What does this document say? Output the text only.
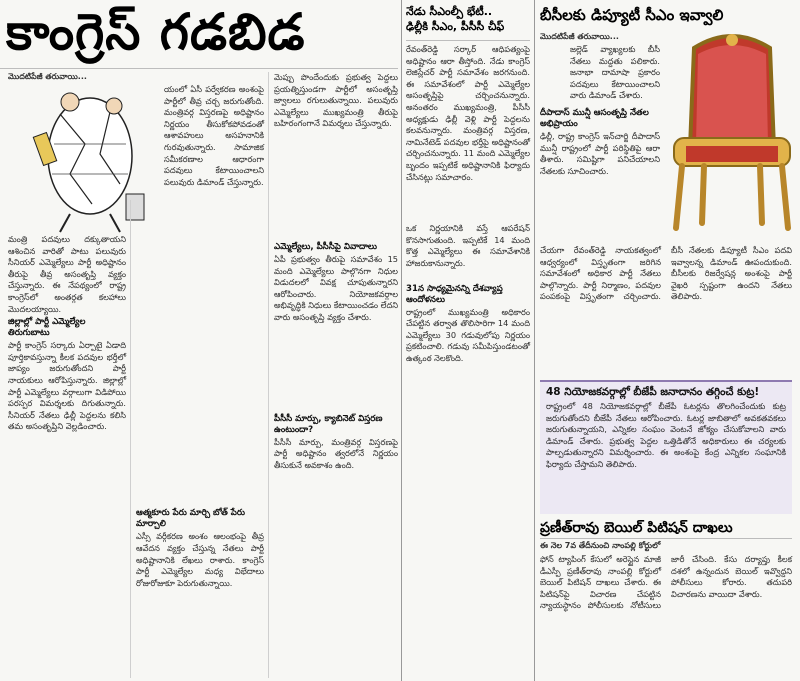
కాంగ్రెస్ గడబిడ
మొదటిపేజీ తరువాయి...

మంత్రి పదవులు దక్కుతాయని ఆశించిన వారితో పాటు పలువురు సీనియర్ ఎమ్మెల్యేలు పార్టీ అధిష్టానం తీరుపై తీవ్ర అసంతృప్తి వ్యక్తం చేస్తున్నారు. ఈ నేపథ్యంలో రాష్ట్ర కాంగ్రెస్‌లో అంతర్గత కలహాలు మొదలయ్యాయి.

జిల్లాల్లో పార్టీ ఎమ్మెల్యేల తిరుగుబాటు

పార్టీ కాంగ్రెస్ సర్కారు ఏర్పాటై ఏడాది పూర్తికావస్తున్నా కీలక పదవుల భర్తీలో జాప్యం జరుగుతోందని పార్టీ నాయకులు ఆరోపిస్తున్నారు. జిల్లాల్లో పార్టీ ఎమ్మెల్యేలు వర్గాలుగా విడిపోయి పరస్పర విమర్శలకు దిగుతున్నారు. సీనియర్ నేతలు ఢిల్లీ పెద్దలను కలిసి తమ అసంతృప్తిని వెల్లడించారు.

యంలో ఏసీ పర్వేకరణ అంశంపై పార్టీలో తీవ్ర చర్చ జరుగుతోంది. మంత్రివర్గ విస్తరణపై అధిష్టానం నిర్ణయం తీసుకోకపోవడంతో ఆశావహులు అసహనానికి గురవుతున్నారు. సామాజిక సమీకరణాల ఆధారంగా పదవులు కేటాయించాలని పలువురు డిమాండ్ చేస్తున్నారు.

ఆత్మకూరు పేరు మార్చి బోత్ పేరు మార్చాలి

ఎస్సీ వర్గీకరణ అంశం ఆలంభంపై తీవ్ర ఆవేదన వ్యక్తం చేస్తున్న నేతలు పార్టీ అధిష్టానానికి లేఖలు రాశారు. కాంగ్రెస్ పార్టీ ఎమ్మెల్యేల మధ్య విభేదాలు రోజురోజుకూ పెరుగుతున్నాయి.

మెప్పు పొందేందుకు ప్రభుత్వ పెద్దలు ప్రయత్నిస్తుండగా పార్టీలో అసంతృప్తి జ్వాలలు రగులుతున్నాయి. పలువురు ఎమ్మెల్యేలు ముఖ్యమంత్రి తీరుపై బహిరంగంగానే విమర్శలు చేస్తున్నారు.

ఎమ్మెల్యేలు, పీసీసీపై వివాదాలు

ఏపీ ప్రభుత్వం తీరుపై సమావేశం 15 మంది ఎమ్మెల్యేలు పాల్గొనగా నిధుల విడుదలలో వివక్ష చూపుతున్నారని ఆరోపించారు. నియోజకవర్గాల అభివృద్ధికి నిధులు కేటాయించడం లేదని వారు అసంతృప్తి వ్యక్తం చేశారు.

పీసీసీ మార్పు, క్యాబినెట్ విస్తరణ ఉంటుందా?

పీసీసీ మార్పు, మంత్రివర్గ విస్తరణపై పార్టీ అధిష్టానం త్వరలోనే నిర్ణయం తీసుకునే అవకాశం ఉంది.

నేడు సీఎంల్పీ భేటీ..
ఢిల్లీకి సీఎం, పీసీసీ చీఫ్

రేవంత్‌రెడ్డి సర్కార్ ఆధిపత్యంపై అధిష్టానం ఆరా తీస్తోంది. నేడు కాంగ్రెస్ లెజిస్లేచర్ పార్టీ సమావేశం జరగనుంది. ఈ సమావేశంలో పార్టీ ఎమ్మెల్యేల అసంతృప్తిపై చర్చించనున్నారు. అనంతరం ముఖ్యమంత్రి, పీసీసీ అధ్యక్షుడు ఢిల్లీ వెళ్లి పార్టీ పెద్దలను కలవనున్నారు. మంత్రివర్గ విస్తరణ, నామినేటెడ్ పదవుల భర్తీపై అధిష్టానంతో చర్చించనున్నారు. 11 మంది ఎమ్మెల్యేల బృందం ఇప్పటికే అధిష్టానానికి ఫిర్యాదు చేసినట్లు సమాచారం.

ఒక నిర్ణయానికి వస్తే ఆపరేషన్ కొనసాగుతుంది. ఇప్పటికే 14 మంది కొత్త ఎమ్మెల్యేలు ఈ సమావేశానికి హాజరుకానున్నారు.

31న సాధ్యమైనన్ని దేశవ్యాప్త ఆందోళనలు

రాష్ట్రంలో ముఖ్యమంత్రి అధికారం చేపట్టిన తర్వాత తొలిసారిగా 14 మంది ఎమ్మెల్యేలు 30 గడువులోపు నిర్ణయం ప్రకటించాలి. గడువు సమీపిస్తుండటంతో ఉత్కంఠ నెలకొంది.

బీసీలకు డిప్యూటీ సీఎం ఇవ్వాలి
మొదటిపేజీ తరువాయి...

జల్లెడ్ వ్యాఖ్యలకు బీసీ నేతలు మద్దతు పలికారు. జనాభా దామాషా ప్రకారం పదవులు కేటాయించాలని వారు డిమాండ్ చేశారు.

దీపాదాస్ మున్షీ ఆసంతృప్తి నేతల అభిప్రాయం

ఢిల్లీ, రాష్ట్ర కాంగ్రెస్ ఇన్‌చార్జి దీపాదాస్ మున్షీ రాష్ట్రంలో పార్టీ పరిస్థితిపై ఆరా తీశారు. సమిష్టిగా పనిచేయాలని నేతలకు సూచించారు.

చేయగా రేవంత్‌రెడ్డి నాయకత్వంలో ఆధ్వర్యంలో విస్తృతంగా జరిగిన సమావేశంలో అధికార పార్టీ నేతలు పాల్గొన్నారు. పార్టీ నిర్మాణం, పదవుల పంపకంపై విస్తృతంగా చర్చించారు. బీసీ నేతలకు డిప్యూటీ సీఎం పదవి ఇవ్వాలన్న డిమాండ్ ఊపందుకుంది. బీసీలకు రిజర్వేషన్ల అంశంపై పార్టీ వైఖరి స్పష్టంగా ఉందని నేతలు తెలిపారు.

48 నియోజకవర్గాల్లో బీజేపీ జనాదానం తగ్గించే కుట్ర!

రాష్ట్రంలో 48 నియోజకవర్గాల్లో బీజేపీ ఓటర్లను తొలగించేందుకు కుట్ర జరుగుతోందని బీజేపీ నేతలు ఆరోపించారు. ఓటర్ల జాబితాలో అవకతవకలు జరుగుతున్నాయని, ఎన్నికల సంఘం వెంటనే జోక్యం చేసుకోవాలని వారు డిమాండ్ చేశారు. ప్రభుత్వ పెద్దల ఒత్తిడితోనే అధికారులు ఈ చర్యలకు పాల్పడుతున్నారని విమర్శించారు. ఈ అంశంపై కేంద్ర ఎన్నికల సంఘానికి ఫిర్యాదు చేస్తామని తెలిపారు.

ప్రణీత్‌రావు బెయిల్ పిటిషన్ దాఖలు
ఈ నెల 7వ తేదీనుంచి నాంపల్లి కోర్టులో

ఫోన్ ట్యాపింగ్ కేసులో అరెస్టైన మాజీ డీఎస్పీ ప్రణీత్‌రావు నాంపల్లి కోర్టులో బెయిల్ పిటిషన్ దాఖలు చేశారు. ఈ పిటిషన్‌పై విచారణ చేపట్టిన న్యాయస్థానం పోలీసులకు నోటీసులు జారీ చేసింది. కేసు దర్యాప్తు కీలక దశలో ఉన్నందున బెయిల్ ఇవ్వొద్దని పోలీసులు కోరారు. తదుపరి విచారణను వాయిదా వేశారు.
